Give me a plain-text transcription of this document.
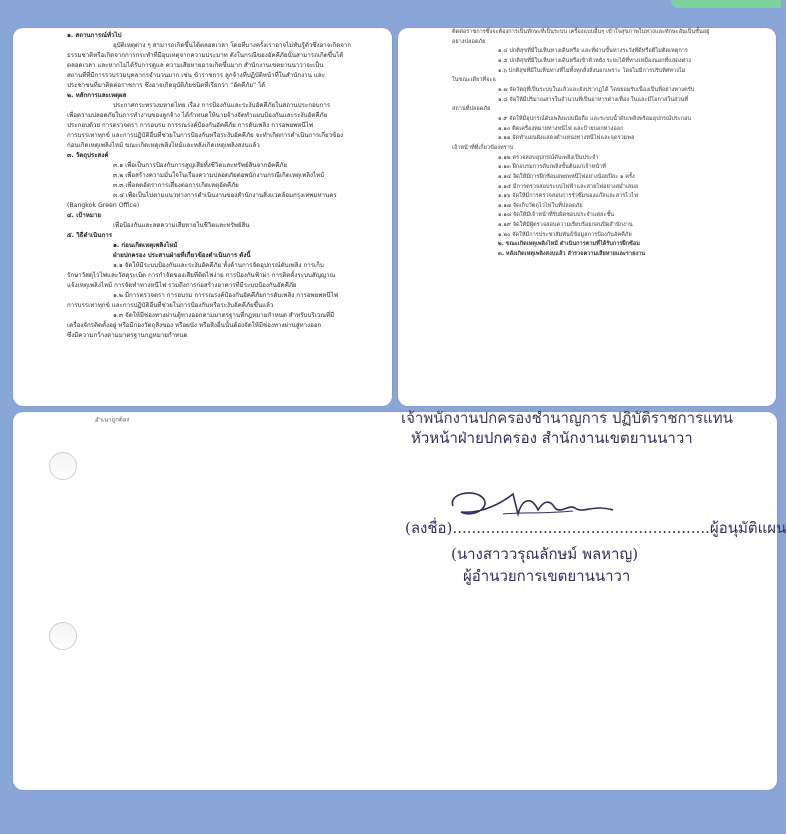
๑. สถานการณ์ทั่วไป

อุบัติเหตุต่าง ๆ สามารถเกิดขึ้นได้ตลอดเวลา โดยที่บางครั้งเราอาจไม่ทันรู้ตัวซึ่งอาจเกิดจาก

ธรรมชาติหรือเกิดจากการกระทำที่มีอุบเหตุจากความประมาท ดังในกรณีของอัคคีภัยนั้นสามารถเกิดขึ้นได้

ตลอดเวลา และหากไม่ได้รับการดูแล ความเสียหายอาจเกิดขึ้นมาก สำนักงานเขตยานนาวาจะเป็น

สถานที่ที่มีการรวบรวมบุคลากรจำนวนมาก เช่น ข้าราชการ ลูกจ้างที่ปฏิบัติหน้าที่ในสำนักงาน และ

ประชาชนที่มาติดต่อราชการ ซึ่งอาจเกิดอุบัติภัยชนิดที่เรียกว่า “อัคคีภัย” ได้

๒. หลักการและเหตุผล

ประกาศกระทรวงมหาดไทย เรื่อง การป้องกันและระงับอัคคีภัยในสถานประกอบการ

เพื่อความปลอดภัยในการทำงานของลูกจ้าง ได้กำหนดให้นายจ้างจัดทำแผนป้องกันและระงับอัคคีภัย

ประกอบด้วย การตรวจตรา การอบรม การรณรงค์ป้องกันอัคคีภัย การดับเพลิง การอพยพหนีไฟ

การบรรเทาทุกข์ และการปฏิบัติอื่นที่ช่วยในการป้องกันหรือระงับอัคคีภัย จะทำเกิดการดำเนินการเกี่ยวข้อง

ก่อนเกิดเหตุเพลิงไหม้ ขณะเกิดเหตุเพลิงไหม้และหลังเกิดเหตุเพลิงสงบแล้ว

๓. วัตถุประสงค์

๓.๑ เพื่อเป็นการป้องกันการสูญเสียทั้งชีวิตและทรัพย์สินจากอัคคีภัย

๓.๒ เพื่อสร้างความมั่นใจในเรื่องความปลอดภัยต่อพนักงานกรณีเกิดเหตุเพลิงไหม้

๓.๓ เพื่อลดอัตราการเสี่ยงต่อการเกิดเหตุอัคคีภัย

๓.๔ เพื่อเป็นไปตามแนวทางการดำเนินงานของสำนักงานสิ่งแวดล้อมกรุงเทพมหานคร

(Bangkok Green Office)

๔. เป้าหมาย

เพื่อป้องกันและลดความเสียหายในชีวิตและทรัพย์สิน

๕. วิธีดำเนินการ

๑. ก่อนเกิดเหตุเพลิงไหม้

ฝ่ายปกครอง ประสานฝ่ายที่เกี่ยวข้องดำเนินการ ดังนี้

๑.๑ จัดให้มีระบบป้องกันและระงับอัคคีภัย ทั้งด้านการจัดอุปกรณ์ดับเพลิง การเก็บ

รักษาวัสดุไวไฟและวัสดุระเบิด การกำจัดของเสียที่ติดไฟง่าย การป้องกันฟ้าผ่า การติดตั้งระบบสัญญาณ

แจ้งเหตุเพลิงไหม้ การจัดทำทางหนีไฟ รวมถึงการก่อสร้างอาคารที่มีระบบป้องกันอัคคีภัย

๑.๒ มีการตรวจตรา การอบรม การรณรงค์ป้องกันอัคคีภัยการดับเพลิง การอพยพหนีไฟ

การบรรเทาทุกข์ และการปฏิบัติอื่นที่ช่วยในการป้องกันหรือระงับอัคคีภัยขึ้นแล้ว

๑.๓ จัดให้มีช่องทางผ่านตู้ทางออกตามมาตรฐานที่กฎหมายกำหนด สำหรับบริเวณที่มี

เครื่องจักรติดตั้งอยู่ หรือมีกองวัตถุสิ่งของ หรือผนัง หรือสิ่งอื่นนั้นต้องจัดให้มีช่องทางผ่านสู่ทางออก

ซึ่งมีความกว้างตามมาตรฐานกฎหมายกำหนด

ติดต่อราชการซึ่งจะต้องการเป็นทักษะที่เป็นระบบ เครื่องแบบอื่นๆ เข้าใจสุขภาพในทางและทักษะอันเป็นชั้นอยู่

อย่างปลอดภัย

๑.๔ ปกติสุขที่มีในเห็นทางเดินหรือ และที่ผ่านขั้นทางระวังที่ดีหรือตีไม่ติดเหตุการ

๑.๕ ปกติสุขที่มีในเห็นทางเดินหรือเข้าตัวหยัง ระยะได้ที่ทางเหมืองนอกที่แสดงต่าง

๑.๖ ปกติสุขที่มีในเห็นทางที่ไม่ทั้งทุกสิ่งสิ่งนอกเพราะ โดยไม่มีการปรับทิศทางไม่

ในขณะเดียวที่จะแ

๑.๗ จัดวัตถุที่เป็นระบบในแล้วและยังปรากฏได้ โดยยอมรับเนื่องเป็นที่อย่างทางครับ

๑.๘ จัดให้มีปริมาณสารในจำนวนที่เป็นอาหารต่างเฟื่อง ในและมีโอกาสในส่วนที่

สถานที่ปลอดภัย

๑.๙ จัดให้มีอุปกรณ์ดับเพลิงแบบมือถือ และระบบน้ำดับเพลิงพร้อมอุปกรณ์ประกอบ

๑.๑๐ ติดเครื่องหมายทางหนีไฟ และป้ายบอกทางออก

๑.๑๑ จัดทำแผนผังแสดงตำแหน่งทางหนีไฟและจุดรวมพล

เจ้าหน้าที่ที่เกี่ยวข้องทราบ

๑.๑๒ ตรวจสอบอุปกรณ์ดับเพลิงเป็นประจำ

๑.๑๓ ฝึกอบรมการดับเพลิงขั้นต้นแก่เจ้าหน้าที่

๑.๑๔ จัดให้มีการฝึกซ้อมอพยพหนีไฟอย่างน้อยปีละ ๑ ครั้ง

๑.๑๕ มีการตรวจสอบระบบไฟฟ้าและสายไฟอย่างสม่ำเสมอ

๑.๑๖ จัดให้มีการตรวจสอบการรั่วซึมของแก๊สและสารไวไฟ

๑.๑๗ จัดเก็บวัตถุไวไฟในที่ปลอดภัย

๑.๑๘ จัดให้มีเจ้าหน้าที่รับผิดชอบประจำแต่ละชั้น

๑.๑๙ จัดให้มีผู้ตรวจสอบความเรียบร้อยก่อนปิดสำนักงาน

๑.๒๐ จัดให้มีการประชาสัมพันธ์ข้อมูลการป้องกันอัคคีภัย

๒. ขณะเกิดเหตุเพลิงไหม้ ดำเนินการตามที่ได้รับการฝึกซ้อม

๓. หลังเกิดเหตุเพลิงสงบแล้ว สำรวจความเสียหายและรายงาน

สำเนาถูกต้อง	เจ้าพนักงานปกครองชำนาญการ ปฏิบัติราชการแทน
หัวหน้าฝ่ายปกครอง สำนักงานเขตยานนาวา
(ลงชื่อ)......................................................ผู้อนุมัติแผน
(นางสาววรุณลักษม์ พลหาญ)
ผู้อำนวยการเขตยานนาวา
